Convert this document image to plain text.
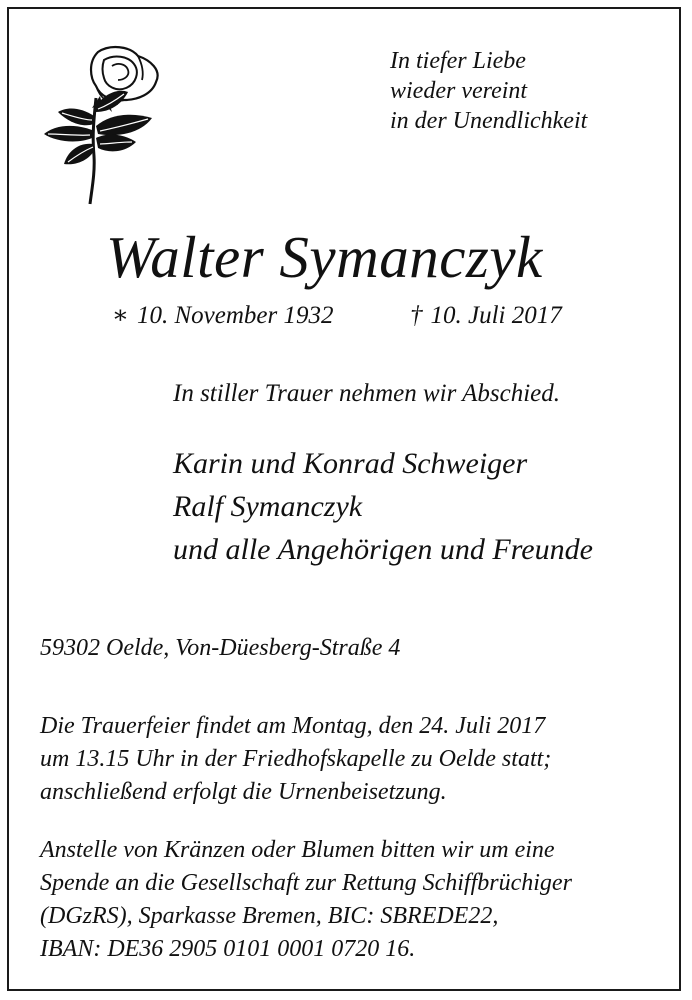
In tiefer Liebe
wieder vereint
in der Unendlichkeit
Walter Symanczyk
∗ 10. November 1932	† 10. Juli 2017
In stiller Trauer nehmen wir Abschied.
Karin und Konrad Schweiger
Ralf Symanczyk
und alle Angehörigen und Freunde
59302 Oelde, Von-Düesberg-Straße 4
Die Trauerfeier findet am Montag, den 24. Juli 2017
um 13.15 Uhr in der Friedhofskapelle zu Oelde statt;
anschließend erfolgt die Urnenbeisetzung.
Anstelle von Kränzen oder Blumen bitten wir um eine
Spende an die Gesellschaft zur Rettung Schiffbrüchiger
(DGzRS), Sparkasse Bremen, BIC: SBREDE22,
IBAN: DE36 2905 0101 0001 0720 16.
